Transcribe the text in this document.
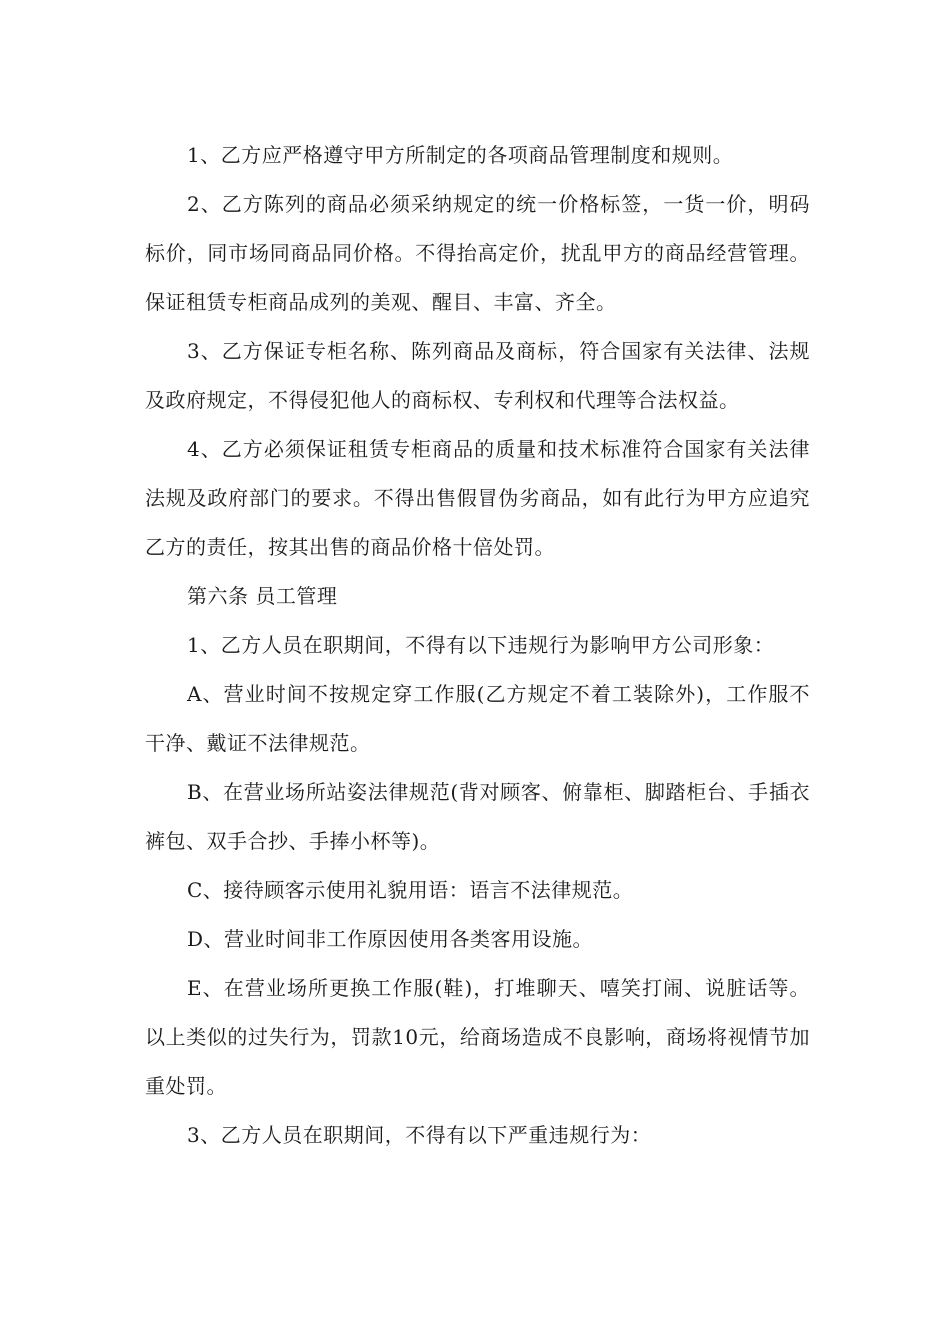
1、乙方应严格遵守甲方所制定的各项商品管理制度和规则。

2、乙方陈列的商品必须采纳规定的统一价格标签，一货一价，明码标价，同市场同商品同价格。不得抬高定价，扰乱甲方的商品经营管理。保证租赁专柜商品成列的美观、醒目、丰富、齐全。

3、乙方保证专柜名称、陈列商品及商标，符合国家有关法律、法规及政府规定，不得侵犯他人的商标权、专利权和代理等合法权益。

4、乙方必须保证租赁专柜商品的质量和技术标准符合国家有关法律法规及政府部门的要求。不得出售假冒伪劣商品，如有此行为甲方应追究乙方的责任，按其出售的商品价格十倍处罚。

第六条 员工管理

1、乙方人员在职期间，不得有以下违规行为影响甲方公司形象：

A、营业时间不按规定穿工作服(乙方规定不着工装除外)，工作服不干净、戴证不法律规范。

B、在营业场所站姿法律规范(背对顾客、俯靠柜、脚踏柜台、手插衣裤包、双手合抄、手捧小杯等)。

C、接待顾客示使用礼貌用语：语言不法律规范。

D、营业时间非工作原因使用各类客用设施。

E、在营业场所更换工作服(鞋)，打堆聊天、嘻笑打闹、说脏话等。以上类似的过失行为，罚款10元，给商场造成不良影响，商场将视情节加重处罚。

3、乙方人员在职期间，不得有以下严重违规行为：
